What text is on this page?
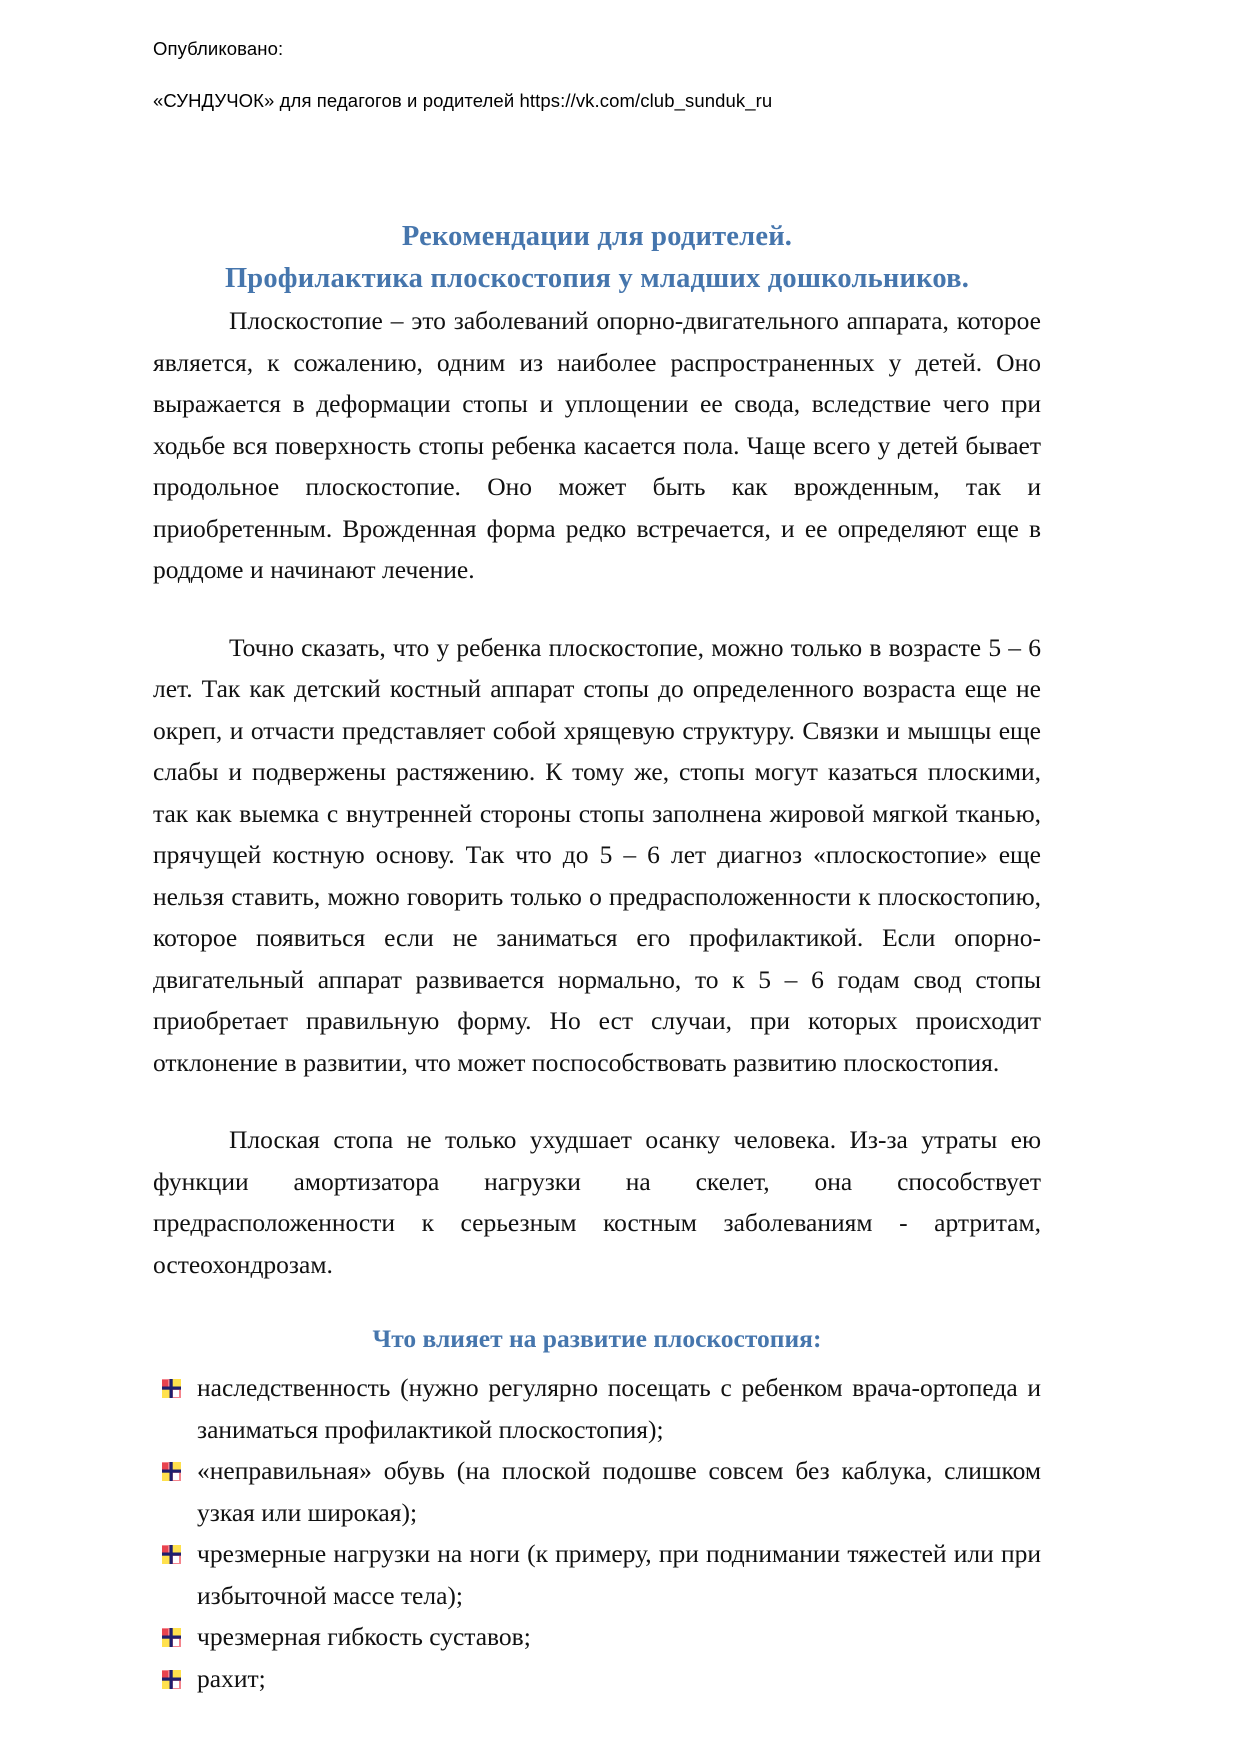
Опубликовано:
«СУНДУЧОК» для педагогов и родителей https://vk.com/club_sunduk_ru
Рекомендации для родителей.
Профилактика плоскостопия у младших дошкольников.

Плоскостопие – это заболеваний опорно-двигательного аппарата, которое является, к сожалению, одним из наиболее распространенных у детей. Оно выражается в деформации стопы и уплощении ее свода, вследствие чего при ходьбе вся поверхность стопы ребенка касается пола. Чаще всего у детей бывает продольное плоскостопие. Оно может быть как врожденным, так и приобретенным. Врожденная форма редко встречается, и ее определяют еще в роддоме и начинают лечение.

Точно сказать, что у ребенка плоскостопие, можно только в возрасте 5 – 6 лет. Так как детский костный аппарат стопы до определенного возраста еще не окреп, и отчасти представляет собой хрящевую структуру. Связки и мышцы еще слабы и подвержены растяжению. К тому же, стопы могут казаться плоскими, так как выемка с внутренней стороны стопы заполнена жировой мягкой тканью, прячущей костную основу. Так что до 5 – 6 лет диагноз «плоскостопие» еще нельзя ставить, можно говорить только о предрасположенности к плоскостопию, которое появиться если не заниматься его профилактикой. Если опорно-двигательный аппарат развивается нормально, то к 5 – 6 годам свод стопы приобретает правильную форму. Но ест случаи, при которых происходит отклонение в развитии, что может поспособствовать развитию плоскостопия.

Плоская стопа не только ухудшает осанку человека. Из-за утраты ею функции амортизатора нагрузки на скелет, она способствует предрасположенности к серьезным костным заболеваниям - артритам, остеохондрозам.

Что влияет на развитие плоскостопия:
наследственность (нужно регулярно посещать с ребенком врача-ортопеда и заниматься профилактикой плоскостопия);
«неправильная» обувь (на плоской подошве совсем без каблука, слишком узкая или широкая);
чрезмерные нагрузки на ноги (к примеру, при поднимании тяжестей или при избыточной массе тела);
чрезмерная гибкость суставов;
рахит;
